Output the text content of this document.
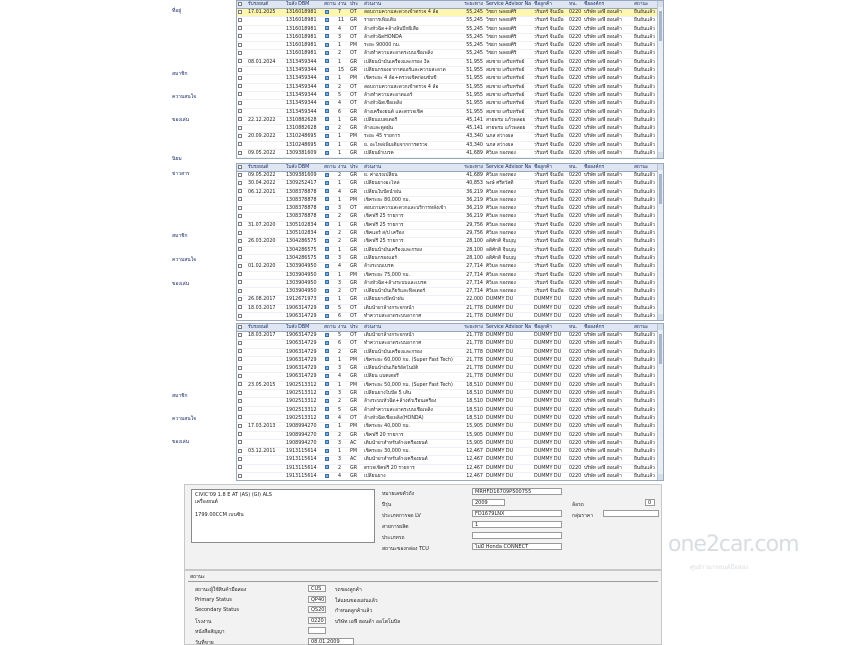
ที่อยู่
สมาชิก
ความสนใจ
ของเล่น
นิยม
ข่าวสาร
สมาชิก
ความสนใจ
ของเล่น
สมาชิก
ความสนใจ
ของเล่น
รับรถยนต์	ใบสั่ง DBM	สถาน งาน ประ	ส่วนงาน	ระยะทาง Service Advisor Na ชื่อลูกค้า	หน.	ชื่อองค์กร	สถานะ
17.01.2025	1316018981	7	OT	สอบถามความสะดวกเข้าตรวจ 4 ล้อ	55,245 วิชยา พลอยศิริ	วรินทร์ จีนเมือ	0220 บริษัท เอฟี ฮอนด้า	ยืนยันแล้ว
1316018981	11	GR	รายการเพิ่มเติม	55,245 วิชยา พลอยศิริ	วรินทร์ จีนเมือ	0220 บริษัท เอฟี ฮอนด้า	ยืนยันแล้ว
1316018981	4	OT	ล้างหัวฉีด+ล้างลิ้นปีกผีเสื้อ	55,245 วิชยา พลอยศิริ	วรินทร์ จีนเมือ	0220 บริษัท เอฟี ฮอนด้า	ยืนยันแล้ว
1316018981	3	OT	ล้างหัวฉีดHONDA	55,245 วิชยา พลอยศิริ	วรินทร์ จีนเมือ	0220 บริษัท เอฟี ฮอนด้า	ยืนยันแล้ว
1316018981	1	PM	ระยะ 90000 กม.	55,245 วิชยา พลอยศิริ	วรินทร์ จีนเมือ	0220 บริษัท เอฟี ฮอนด้า	ยืนยันแล้ว
1316018981	2	OT	ล้างทำความสะอาดระบบเชื้อเพลิง	55,245 วิชยา พลอยศิริ	วรินทร์ จีนเมือ	0220 บริษัท เอฟี ฮอนด้า	ยืนยันแล้ว
08.01.2024	1313459344	1	GR	เปลี่ยนน้ำมันเครื่องและกรอง 3ล	51,955 สมชาย เสริมทรัพย์	วรินทร์ จีนเมือ	0220 บริษัท เอฟี ฮอนด้า	ยืนยันแล้ว
1313459344	15	GR	เปลี่ยนกรองอากาศแอร์และความสะอาด	51,955 สมชาย เสริมทรัพย์	วรินทร์ จีนเมือ	0220 บริษัท เอฟี ฮอนด้า	ยืนยันแล้ว
1313459344	1	PM	เช็คระยะ 4 ล้อ+ตรวจเช็คก่อนขับขี่	51,955 สมชาย เสริมทรัพย์	วรินทร์ จีนเมือ	0220 บริษัท เอฟี ฮอนด้า	ยืนยันแล้ว
1313459344	2	OT	สอบถามความสะดวกเข้าตรวจ 4 ล้อ	51,955 สมชาย เสริมทรัพย์	วรินทร์ จีนเมือ	0220 บริษัท เอฟี ฮอนด้า	ยืนยันแล้ว
1313459344	5	OT	ล้างทำความสะอาดแอร์	51,955 สมชาย เสริมทรัพย์	วรินทร์ จีนเมือ	0220 บริษัท เอฟี ฮอนด้า	ยืนยันแล้ว
1313459344	4	OT	ล้างหัวฉีดเชื้อเพลิง	51,955 สมชาย เสริมทรัพย์	วรินทร์ จีนเมือ	0220 บริษัท เอฟี ฮอนด้า	ยืนยันแล้ว
1313459344	6	GR	ล้างเครื่องยนต์ และตรวจเช็ค	51,955 สมชาย เสริมทรัพย์	วรินทร์ จีนเมือ	0220 บริษัท เอฟี ฮอนด้า	ยืนยันแล้ว
22.12.2022	1310882628	1	GR	เปลี่ยนแบตเตอรี่	45,141 สายพรม แก้วพลอย	วรินทร์ จีนเมือ	0220 บริษัท เอฟี ฮอนด้า	ยืนยันแล้ว
1310882628	2	GR	ล้างและดูดฝุ่น	45,141 สายพรม แก้วพลอย	วรินทร์ จีนเมือ	0220 บริษัท เอฟี ฮอนด้า	ยืนยันแล้ว
20.09.2022	1310248695	1	PM	ระยะ 45 รายการ	43,340 นภส สว่างผล	วรินทร์ จีนเมือ	0220 บริษัท เอฟี ฮอนด้า	ยืนยันแล้ว
1310248695	1	GR	ย. อะไหล่เพิ่มเติมจากการตรวจ	43,340 นภส สว่างผล	วรินทร์ จีนเมือ	0220 บริษัท เอฟี ฮอนด้า	ยืนยันแล้ว
09.05.2022	1309381609	1	GR	เปลี่ยนผ้าเบรค	41,689 ศิวิมล กองทอง	วรินทร์ จีนเมือ	0220 บริษัท เอฟี ฮอนด้า	ยืนยันแล้ว
รับรถยนต์	ใบสั่ง DBM	สถาน งาน ประ	ส่วนงาน	ระยะทาง Service Advisor Na ชื่อลูกค้า	หน.	ชื่อองค์กร	สถานะ
09.05.2022	1309381609	2	GR	ย. ค่าแรงเปลี่ยน	41,689 ศิวิมล กองทอง	วรินทร์ จีนเมือ	0220 บริษัท เอฟี ฮอนด้า	ยืนยันแล้ว
30.04.2022	1309252417	1	GR	เปลี่ยนยางอะไหล่	40,853 พงษ์ ศรีสวัสดิ์	วรินทร์ จีนเมือ	0220 บริษัท เอฟี ฮอนด้า	ยืนยันแล้ว
06.12.2021	1308378878	4	GR	เปลี่ยนใบปัดน้ำฝน	36,219 ศิวิมล กองทอง	วรินทร์ จีนเมือ	0220 บริษัท เอฟี ฮอนด้า	ยืนยันแล้ว
1308378878	1	PM	เช็คระยะ 80,000 กม.	36,219 ศิวิมล กองทอง	วรินทร์ จีนเมือ	0220 บริษัท เอฟี ฮอนด้า	ยืนยันแล้ว
1308378878	3	OT	สอบถามความสะดวกและบริการหลังเข้า	36,219 ศิวิมล กองทอง	วรินทร์ จีนเมือ	0220 บริษัท เอฟี ฮอนด้า	ยืนยันแล้ว
1308378878	2	GR	เช็คฟรี 25 รายการ	36,219 ศิวิมล กองทอง	วรินทร์ จีนเมือ	0220 บริษัท เอฟี ฮอนด้า	ยืนยันแล้ว
31.07.2020	1305102834	1	GR	เช็คฟรี 25 รายการ	29,756 ศิวิมล กองทอง	วรินทร์ จีนเมือ	0220 บริษัท เอฟี ฮอนด้า	ยืนยันแล้ว
1305102834	2	GR	เช็คแอร์ ส/ป เครื่อง	29,756 ศิวิมล กองทอง	วรินทร์ จีนเมือ	0220 บริษัท เอฟี ฮอนด้า	ยืนยันแล้ว
26.03.2020	1304286575	2	GR	เช็คฟรี 25 รายการ	28,100 อดิศักดิ์ จีนบุญ	วรินทร์ จีนเมือ	0220 บริษัท เอฟี ฮอนด้า	ยืนยันแล้ว
1304286575	1	GR	เปลี่ยนน้ำมันเครื่องและกรอง	28,100 อดิศักดิ์ จีนบุญ	วรินทร์ จีนเมือ	0220 บริษัท เอฟี ฮอนด้า	ยืนยันแล้ว
1304286575	3	GR	เปลี่ยนกรองแอร์	28,100 อดิศักดิ์ จีนบุญ	วรินทร์ จีนเมือ	0220 บริษัท เอฟี ฮอนด้า	ยืนยันแล้ว
01.02.2020	1303904950	4	GR	ล้างระบบเบรค	27,714 ศิวิมล กองทอง	วรินทร์ จีนเมือ	0220 บริษัท เอฟี ฮอนด้า	ยืนยันแล้ว
1303904950	1	PM	เช็คระยะ 75,000 กม.	27,714 ศิวิมล กองทอง	วรินทร์ จีนเมือ	0220 บริษัท เอฟี ฮอนด้า	ยืนยันแล้ว
1303904950	3	GR	ล้างหัวฉีด+ล้างระบบและเบรค	27,714 ศิวิมล กองทอง	วรินทร์ จีนเมือ	0220 บริษัท เอฟี ฮอนด้า	ยืนยันแล้ว
1303904950	2	OT	เปลี่ยนน้ำมันเกียร์และฟิลเตอร์	27,714 ศิวิมล กองทอง	วรินทร์ จีนเมือ	0220 บริษัท เอฟี ฮอนด้า	ยืนยันแล้ว
26.08.2017	1912671973	1	GR	เปลี่ยนยางปัดน้ำฝน	22,000 DUMMY DU	DUMMY DU	0220 บริษัท เอฟี ฮอนด้า	ยืนยันแล้ว
18.03.2017	1906314729	5	OT	เติมน้ำยาล้างกระจกหน้า	21,778 DUMMY DU	DUMMY DU	0220 บริษัท เอฟี ฮอนด้า	ยืนยันแล้ว
1906314729	6	OT	ทำความสะอาดระบบอากาศ	21,778 DUMMY DU	DUMMY DU	0220 บริษัท เอฟี ฮอนด้า	ยืนยันแล้ว
รับรถยนต์	ใบสั่ง DBM	สถาน งาน ประ	ส่วนงาน	ระยะทาง Service Advisor Na ชื่อลูกค้า	หน.	ชื่อองค์กร	สถานะ
18.03.2017	1906314729	5	OT	เติมน้ำยาล้างกระจกหน้า	21,778 DUMMY DU	DUMMY DU	0220 บริษัท เอฟี ฮอนด้า	ยืนยันแล้ว
1906314729	6	OT	ทำความสะอาดระบบอากาศ	21,778 DUMMY DU	DUMMY DU	0220 บริษัท เอฟี ฮอนด้า	ยืนยันแล้ว
1906314729	2	GR	เปลี่ยนน้ำมันเครื่องและกรอง	21,778 DUMMY DU	DUMMY DU	0220 บริษัท เอฟี ฮอนด้า	ยืนยันแล้ว
1906314729	1	PM	เช็คระยะ 60,000 กม. (Super Fast Tech)	21,778 DUMMY DU	DUMMY DU	0220 บริษัท เอฟี ฮอนด้า	ยืนยันแล้ว
1906314729	3	GR	เปลี่ยนน้ำมันเกียร์อัตโนมัติ	21,778 DUMMY DU	DUMMY DU	0220 บริษัท เอฟี ฮอนด้า	ยืนยันแล้ว
1906314729	4	GR	เปลี่ยน แบตเตอรี่	21,778 DUMMY DU	DUMMY DU	0220 บริษัท เอฟี ฮอนด้า	ยืนยันแล้ว
23.05.2015	1902513312	1	PM	เช็คระยะ 50,000 กม. (Super Fast Tech)	18,510 DUMMY DU	DUMMY DU	0220 บริษัท เอฟี ฮอนด้า	ยืนยันแล้ว
1902513312	3	GR	เปลี่ยนยางใบปัด 5 เส้น	18,510 DUMMY DU	DUMMY DU	0220 บริษัท เอฟี ฮอนด้า	ยืนยันแล้ว
1902513312	2	GR	ล้างระบบหัวฉีด+ล้างตัวเรือนเครื่อง	18,510 DUMMY DU	DUMMY DU	0220 บริษัท เอฟี ฮอนด้า	ยืนยันแล้ว
1902513312	5	GR	ล้างทำความสะอาดระบบเชื้อเพลิง	18,510 DUMMY DU	DUMMY DU	0220 บริษัท เอฟี ฮอนด้า	ยืนยันแล้ว
1902513312	4	OT	ล้างหัวฉีดเชื้อเพลิง(HONDA)	18,510 DUMMY DU	DUMMY DU	0220 บริษัท เอฟี ฮอนด้า	ยืนยันแล้ว
17.03.2013	1908994270	1	PM	เช็คระยะ 40,000 กม.	15,905 DUMMY DU	DUMMY DU	0220 บริษัท เอฟี ฮอนด้า	ยืนยันแล้ว
1908994270	2	GR	เช็คฟรี 20 รายการ	15,905 DUMMY DU	DUMMY DU	0220 บริษัท เอฟี ฮอนด้า	ยืนยันแล้ว
1908994270	3	AC	เติมน้ำยาสำหรับล้างเครื่องยนต์	15,905 DUMMY DU	DUMMY DU	0220 บริษัท เอฟี ฮอนด้า	ยืนยันแล้ว
03.12.2011	1913115614	1	PM	เช็คระยะ 30,000 กม.	12,467 DUMMY DU	DUMMY DU	0220 บริษัท เอฟี ฮอนด้า	ยืนยันแล้ว
1913115614	3	AC	เติมน้ำยาสำหรับล้างเครื่องยนต์	12,467 DUMMY DU	DUMMY DU	0220 บริษัท เอฟี ฮอนด้า	ยืนยันแล้ว
1913115614	2	GR	ตรวจเช็คฟรี 20 รายการ	12,467 DUMMY DU	DUMMY DU	0220 บริษัท เอฟี ฮอนด้า	ยืนยันแล้ว
1913115614	4	GR	เปลี่ยนยาง	12,467 DUMMY DU	DUMMY DU	0220 บริษัท เอฟี ฮอนด้า	ยืนยันแล้ว
CIVIC'09 1.8 E AT (AS) (GI) ALS
เครื่องยนต์
1799.00CCM เบนซิน
หมายเลขตัวถัง	MRHFD16709P500755
ปีรุ่น	2009	ล้อรถ	0
ประเภทการจด LV	FD1679LNX	กลุ่มราคา
สายการผลิต	1
ประเภทรถ
สถานะของกล่อง TCU	ไม่มี Honda CONNECT
สถานะ
สถานะผู้ใช้สินค้ามือสอง	CUS	รถของลูกค้า
Primary Status	QP40	ใส่แผนของแผ่นแล้ว
Secondary Status	QS20	กำหนดลูกค้าแล้ว
โรงงาน	0220	บริษัท เอฟี ฮอนด้า ออโตโมบิล
หนังสือสัญญา
วันที่ขาย	08.01.2009
one2car.com
ศูนย์รวมรถยนต์มือสอง
